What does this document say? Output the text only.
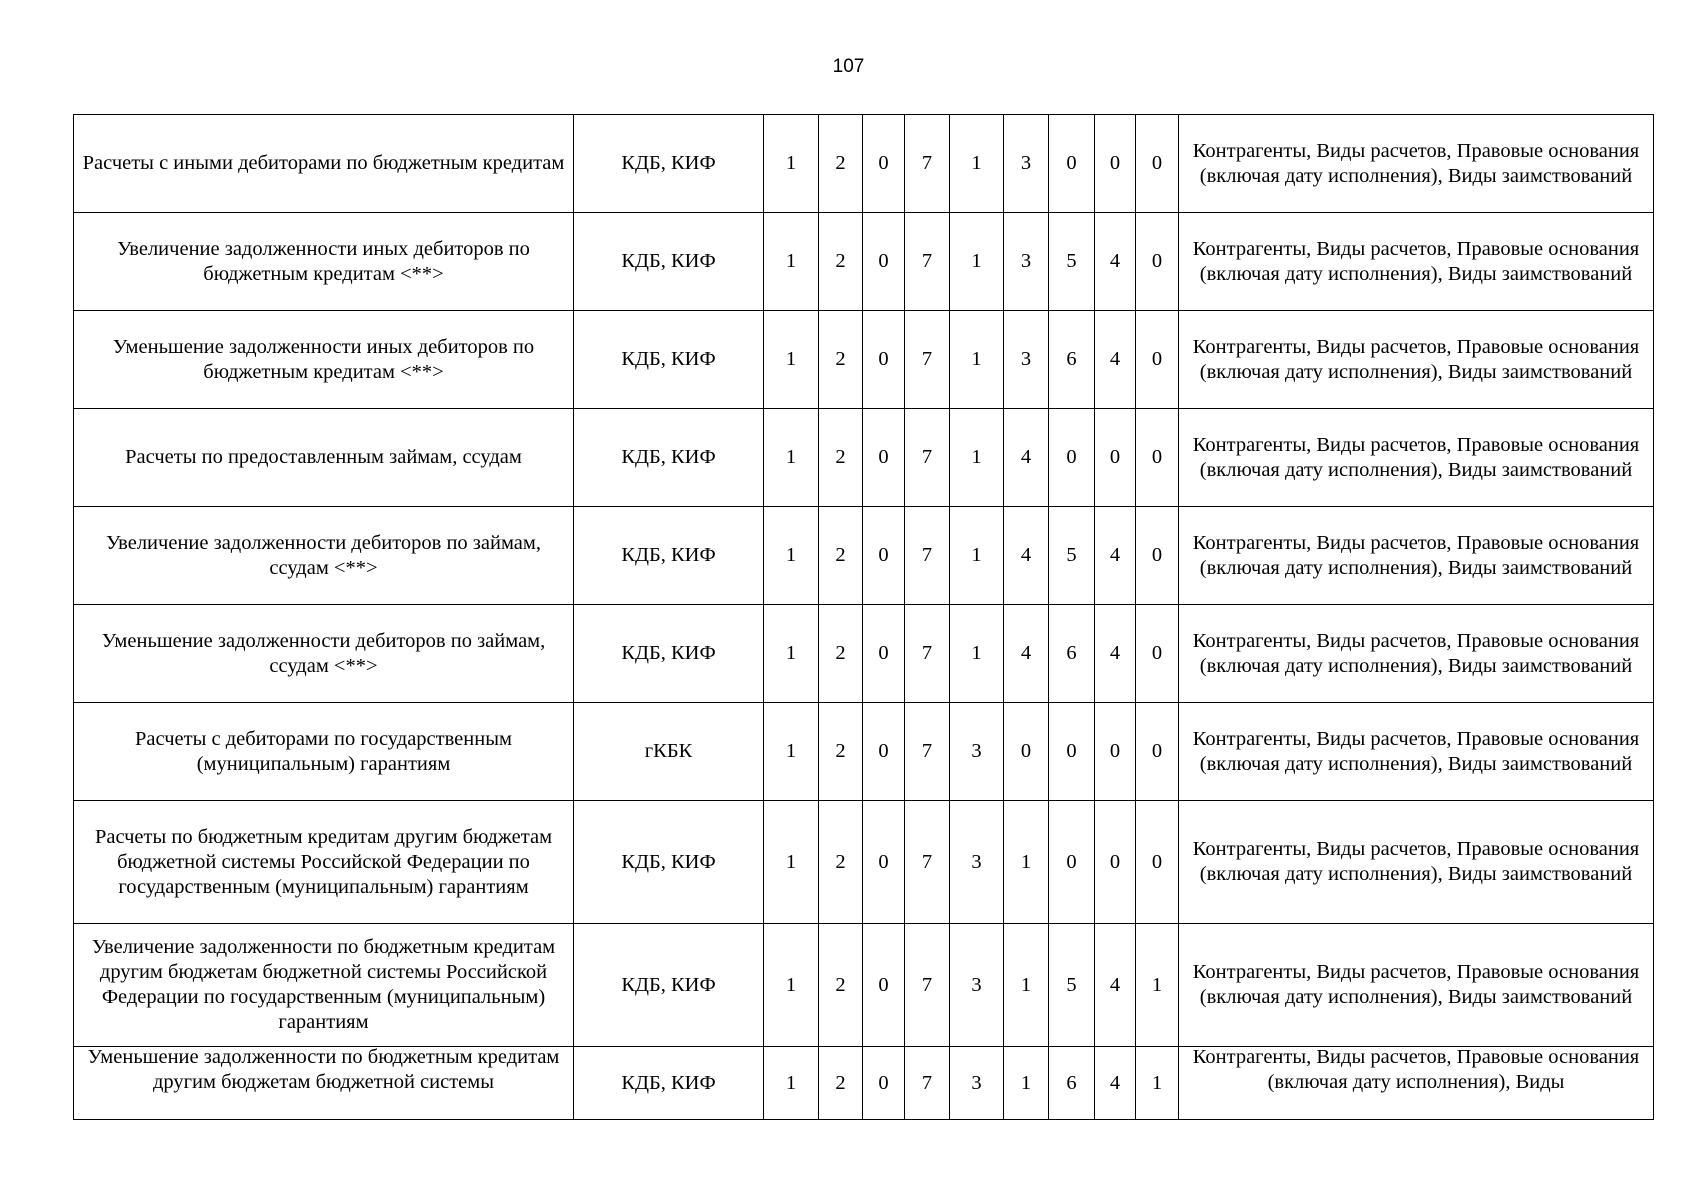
107
Расчеты с иными дебиторами по бюджетным кредитам	КДБ, КИФ	1	2	0	7	1	3	0	0	0	Контрагенты, Виды расчетов, Правовые основания (включая дату исполнения), Виды заимствований
Увеличение задолженности иных дебиторов по бюджетным кредитам <**>	КДБ, КИФ	1	2	0	7	1	3	5	4	0	Контрагенты, Виды расчетов, Правовые основания (включая дату исполнения), Виды заимствований
Уменьшение задолженности иных дебиторов по бюджетным кредитам <**>	КДБ, КИФ	1	2	0	7	1	3	6	4	0	Контрагенты, Виды расчетов, Правовые основания (включая дату исполнения), Виды заимствований
Расчеты по предоставленным займам, ссудам	КДБ, КИФ	1	2	0	7	1	4	0	0	0	Контрагенты, Виды расчетов, Правовые основания (включая дату исполнения), Виды заимствований
Увеличение задолженности дебиторов по займам, ссудам <**>	КДБ, КИФ	1	2	0	7	1	4	5	4	0	Контрагенты, Виды расчетов, Правовые основания (включая дату исполнения), Виды заимствований
Уменьшение задолженности дебиторов по займам, ссудам <**>	КДБ, КИФ	1	2	0	7	1	4	6	4	0	Контрагенты, Виды расчетов, Правовые основания (включая дату исполнения), Виды заимствований
Расчеты с дебиторами по государственным (муниципальным) гарантиям	гКБК	1	2	0	7	3	0	0	0	0	Контрагенты, Виды расчетов, Правовые основания (включая дату исполнения), Виды заимствований
Расчеты по бюджетным кредитам другим бюджетам бюджетной системы Российской Федерации по государственным (муниципальным) гарантиям	КДБ, КИФ	1	2	0	7	3	1	0	0	0	Контрагенты, Виды расчетов, Правовые основания (включая дату исполнения), Виды заимствований
Увеличение задолженности по бюджетным кредитам другим бюджетам бюджетной системы Российской Федерации по государственным (муниципальным) гарантиям	КДБ, КИФ	1	2	0	7	3	1	5	4	1	Контрагенты, Виды расчетов, Правовые основания (включая дату исполнения), Виды заимствований

Уменьшение задолженности по бюджетным кредитам другим бюджетам бюджетной системы	КДБ, КИФ	1	2	0	7	3	1	6	4	1	Контрагенты, Виды расчетов, Правовые основания (включая дату исполнения), Виды
